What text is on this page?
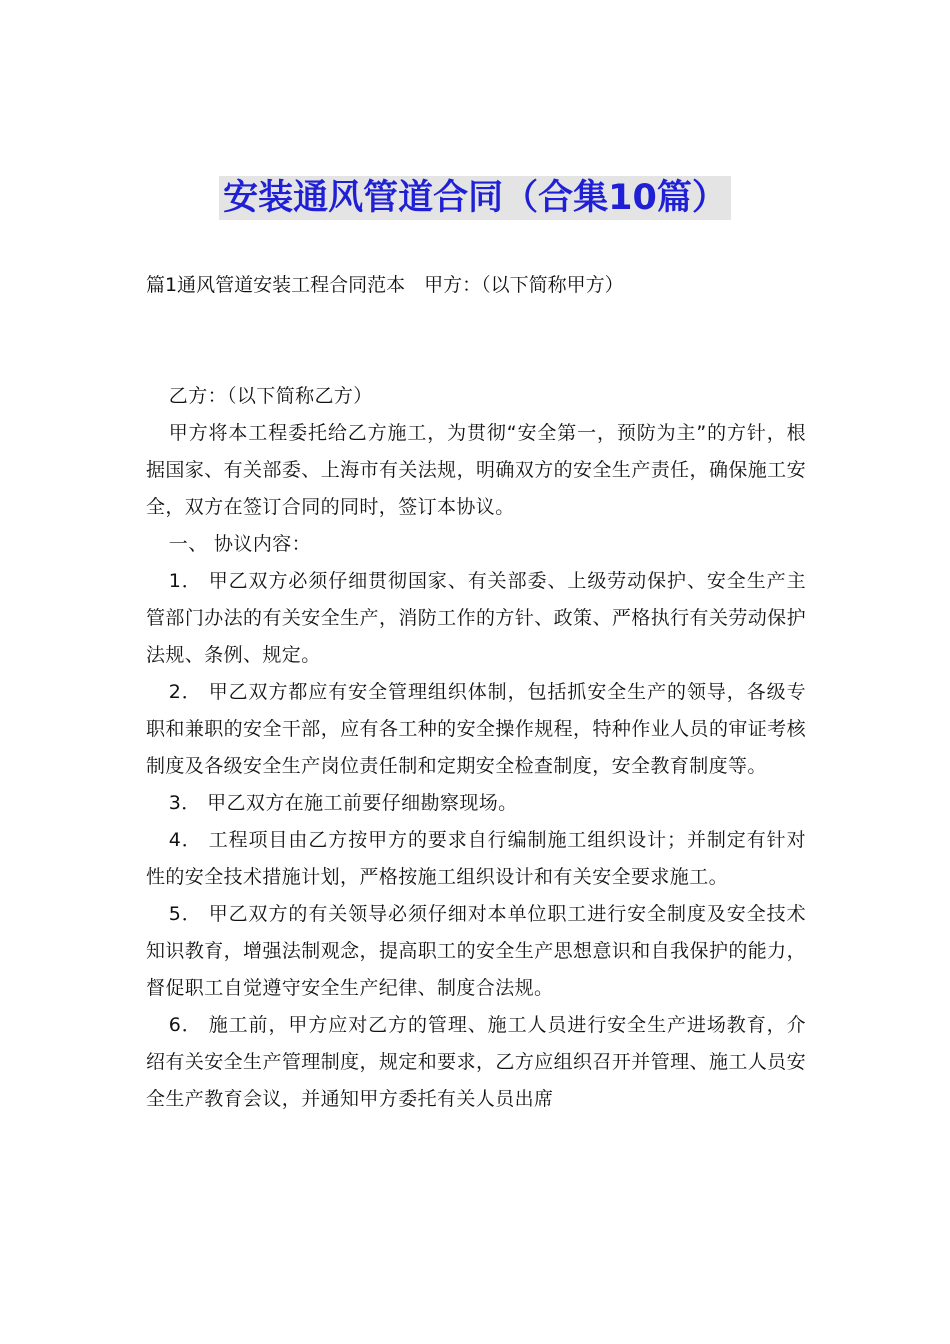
安装通风管道合同（合集10篇）
篇1通风管道安装工程合同范本　甲方：（以下简称甲方）

乙方：（以下简称乙方）

甲方将本工程委托给乙方施工，为贯彻“安全第一，预防为主”的方针，根据国家、有关部委、上海市有关法规，明确双方的安全生产责任，确保施工安全，双方在签订合同的同时，签订本协议。

一、 协议内容：

1． 甲乙双方必须仔细贯彻国家、有关部委、上级劳动保护、安全生产主管部门办法的有关安全生产，消防工作的方针、政策、严格执行有关劳动保护法规、条例、规定。

2． 甲乙双方都应有安全管理组织体制，包括抓安全生产的领导，各级专职和兼职的安全干部，应有各工种的安全操作规程，特种作业人员的审证考核制度及各级安全生产岗位责任制和定期安全检查制度，安全教育制度等。

3． 甲乙双方在施工前要仔细勘察现场。

4． 工程项目由乙方按甲方的要求自行编制施工组织设计；并制定有针对性的安全技术措施计划，严格按施工组织设计和有关安全要求施工。

5． 甲乙双方的有关领导必须仔细对本单位职工进行安全制度及安全技术知识教育，增强法制观念，提高职工的安全生产思想意识和自我保护的能力，督促职工自觉遵守安全生产纪律、制度合法规。

6． 施工前，甲方应对乙方的管理、施工人员进行安全生产进场教育，介绍有关安全生产管理制度，规定和要求，乙方应组织召开并管理、施工人员安全生产教育会议，并通知甲方委托有关人员出席
